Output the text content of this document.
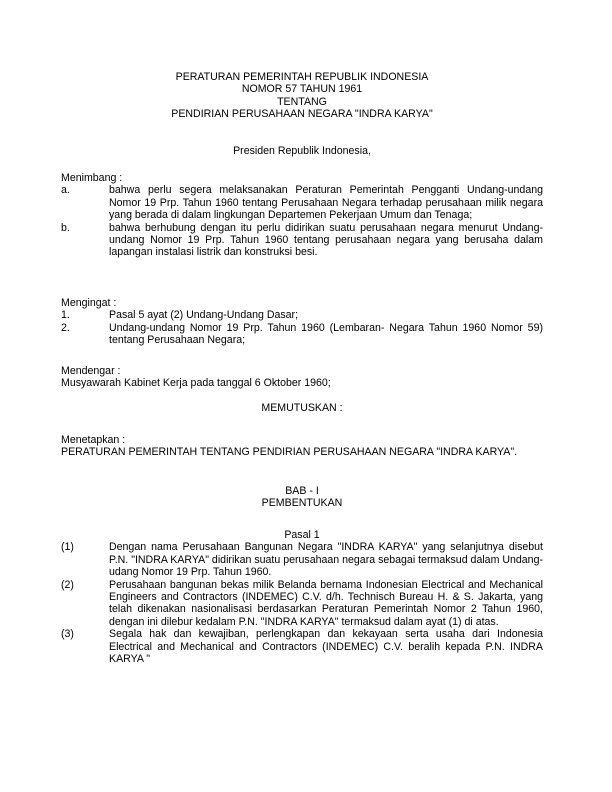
PERATURAN PEMERINTAH REPUBLIK INDONESIA

NOMOR 57 TAHUN 1961

TENTANG

PENDIRIAN PERUSAHAAN NEGARA "INDRA KARYA"

Presiden Republik Indonesia,

Menimbang :

a.	bahwa perlu segera melaksanakan Peraturan Pemerintah Pengganti Undang-undang Nomor 19 Prp. Tahun 1960 tentang Perusahaan Negara terhadap perusahaan milik negara yang berada di dalam lingkungan Departemen Pekerjaan Umum dan Tenaga;
b.	bahwa berhubung dengan itu perlu didirikan suatu perusahaan negara menurut Undang-undang Nomor 19 Prp. Tahun 1960 tentang perusahaan negara yang berusaha dalam lapangan instalasi listrik dan konstruksi besi.

Mengingat :

1.	Pasal 5 ayat (2) Undang-Undang Dasar;
2.	Undang-undang Nomor 19 Prp. Tahun 1960 (Lembaran- Negara Tahun 1960 Nomor 59) tentang Perusahaan Negara;

Mendengar :

Musyawarah Kabinet Kerja pada tanggal 6 Oktober 1960;

MEMUTUSKAN :

Menetapkan :

PERATURAN PEMERINTAH TENTANG PENDIRIAN PERUSAHAAN NEGARA "INDRA KARYA".

BAB - I

PEMBENTUKAN

Pasal 1

(1)	Dengan nama Perusahaan Bangunan Negara "INDRA KARYA" yang selanjutnya disebut P.N. "INDRA KARYA" didirikan suatu perusahaan negara sebagai termaksud dalam Undang-udang Nomor 19 Prp. Tahun 1960.
(2)	Perusahaan bangunan bekas milik Belanda bernama Indonesian Electrical and Mechanical Engineers and Contractors (INDEMEC) C.V. d/h. Technisch Bureau H. & S. Jakarta, yang telah dikenakan nasionalisasi berdasarkan Peraturan Pemerintah Nomor 2 Tahun 1960, dengan ini dilebur kedalam P.N. "INDRA KARYA" termaksud dalam ayat (1) di atas.
(3)	Segala hak dan kewajiban, perlengkapan dan kekayaan serta usaha dari Indonesia Electrical and Mechanical and Contractors (INDEMEC) C.V. beralih kepada P.N. INDRA KARYA "
